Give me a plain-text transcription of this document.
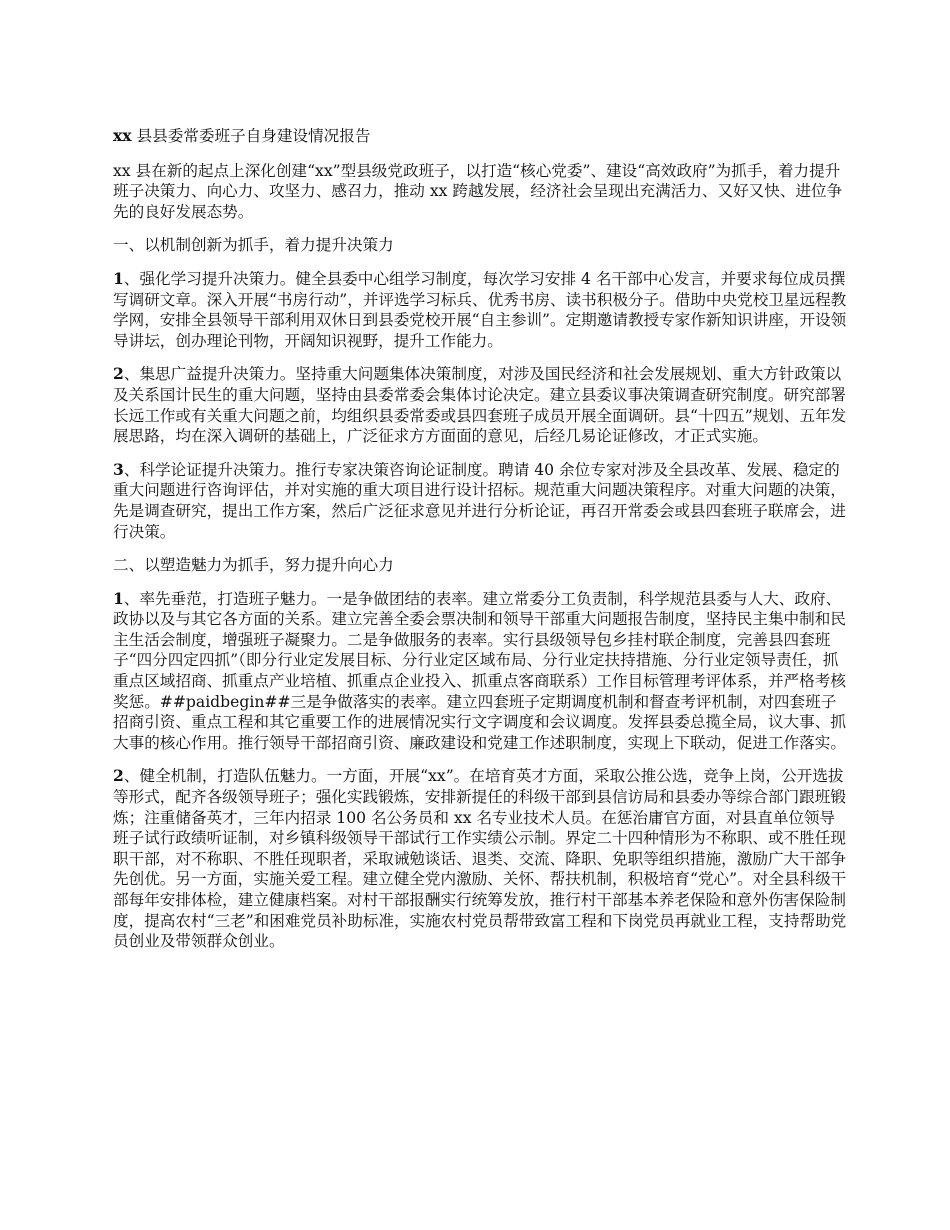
xx 县县委常委班子自身建设情况报告

xx 县在新的起点上深化创建“xx”型县级党政班子，以打造“核心党委”、建设“高效政府”为抓手，着力提升班子决策力、向心力、攻坚力、感召力，推动 xx 跨越发展，经济社会呈现出充满活力、又好又快、进位争先的良好发展态势。

一、以机制创新为抓手，着力提升决策力

1、强化学习提升决策力。健全县委中心组学习制度，每次学习安排 4 名干部中心发言，并要求每位成员撰写调研文章。深入开展“书房行动”，并评选学习标兵、优秀书房、读书积极分子。借助中央党校卫星远程教学网，安排全县领导干部利用双休日到县委党校开展“自主参训”。定期邀请教授专家作新知识讲座，开设领导讲坛，创办理论刊物，开阔知识视野，提升工作能力。

2、集思广益提升决策力。坚持重大问题集体决策制度，对涉及国民经济和社会发展规划、重大方针政策以及关系国计民生的重大问题，坚持由县委常委会集体讨论决定。建立县委议事决策调查研究制度。研究部署长远工作或有关重大问题之前，均组织县委常委或县四套班子成员开展全面调研。县“十四五”规划、五年发展思路，均在深入调研的基础上，广泛征求方方面面的意见，后经几易论证修改，才正式实施。

3、科学论证提升决策力。推行专家决策咨询论证制度。聘请 40 余位专家对涉及全县改革、发展、稳定的重大问题进行咨询评估，并对实施的重大项目进行设计招标。规范重大问题决策程序。对重大问题的决策，先是调查研究，提出工作方案，然后广泛征求意见并进行分析论证，再召开常委会或县四套班子联席会，进行决策。

二、以塑造魅力为抓手，努力提升向心力

1、率先垂范，打造班子魅力。一是争做团结的表率。建立常委分工负责制，科学规范县委与人大、政府、政协以及与其它各方面的关系。建立完善全委会票决制和领导干部重大问题报告制度，坚持民主集中制和民主生活会制度，增强班子凝聚力。二是争做服务的表率。实行县级领导包乡挂村联企制度，完善县四套班子“四分四定四抓”（即分行业定发展目标、分行业定区域布局、分行业定扶持措施、分行业定领导责任，抓重点区域招商、抓重点产业培植、抓重点企业投入、抓重点客商联系）工作目标管理考评体系，并严格考核奖惩。##paidbegin##三是争做落实的表率。建立四套班子定期调度机制和督查考评机制，对四套班子招商引资、重点工程和其它重要工作的进展情况实行文字调度和会议调度。发挥县委总揽全局，议大事、抓大事的核心作用。推行领导干部招商引资、廉政建设和党建工作述职制度，实现上下联动，促进工作落实。

2、健全机制，打造队伍魅力。一方面，开展“xx”。在培育英才方面，采取公推公选，竞争上岗，公开选拔等形式，配齐各级领导班子；强化实践锻炼，安排新提任的科级干部到县信访局和县委办等综合部门跟班锻炼；注重储备英才，三年内招录 100 名公务员和 xx 名专业技术人员。在惩治庸官方面，对县直单位领导班子试行政绩听证制，对乡镇科级领导干部试行工作实绩公示制。界定二十四种情形为不称职、或不胜任现职干部，对不称职、不胜任现职者，采取诫勉谈话、退类、交流、降职、免职等组织措施，激励广大干部争先创优。另一方面，实施关爱工程。建立健全党内激励、关怀、帮扶机制，积极培育“党心”。对全县科级干部每年安排体检，建立健康档案。对村干部报酬实行统筹发放，推行村干部基本养老保险和意外伤害保险制度，提高农村“三老”和困难党员补助标准，实施农村党员帮带致富工程和下岗党员再就业工程，支持帮助党员创业及带领群众创业。
